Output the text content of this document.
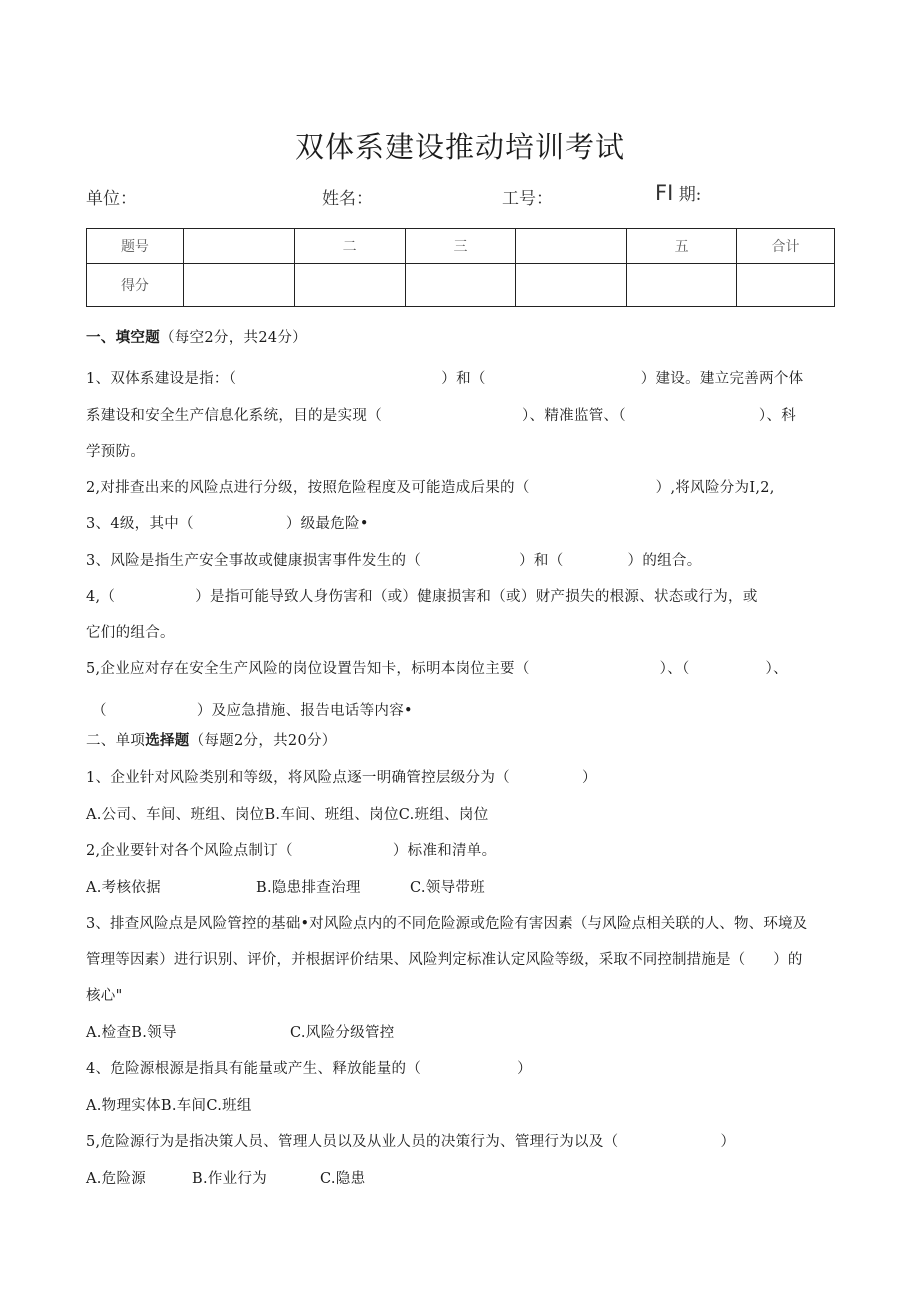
双体系建设推动培训考试
单位：	姓名：	工号：	FI 期:
题号		二	三		五	合计
得分						
一、填空题（每空2分，共24分）
1、双体系建设是指：（	）和（	）建设。建立完善两个体
系建设和安全生产信息化系统，目的是实现（	）、精准监管、（	）、科
学预防。
2,对排查出来的风险点进行分级，按照危险程度及可能造成后果的（	）,将风险分为I,2,
3、4级，其中（	）级最危险•
3、风险是指生产安全事故或健康损害事件发生的（	）和（	）的组合。
4,（	）是指可能导致人身伤害和（或）健康损害和（或）财产损失的根源、状态或行为，或
它们的组合。
5,企业应对存在安全生产风险的岗位设置告知卡，标明本岗位主要（	）、（	）、
（	）及应急措施、报告电话等内容•
二、单项选择题（每题2分，共20分）
1、企业针对风险类别和等级，将风险点逐一明确管控层级分为（	）
A.公司、车间、班组、岗位B.车间、班组、岗位C.班组、岗位
2,企业要针对各个风险点制订（	）标准和清单。
A.考核依据	B.隐患排查治理	C.领导带班
3、排查风险点是风险管控的基础•对风险点内的不同危险源或危险有害因素（与风险点相关联的人、物、环境及
管理等因素）进行识别、评价，并根据评价结果、风险判定标准认定风险等级，采取不同控制措施是（ ）的
核心"
A.检查B.领导	C.风险分级管控
4、危险源根源是指具有能量或产生、释放能量的（	）
A.物理实体B.车间C.班组
5,危险源行为是指决策人员、管理人员以及从业人员的决策行为、管理行为以及（	）
A.危险源	B.作业行为	C.隐患
